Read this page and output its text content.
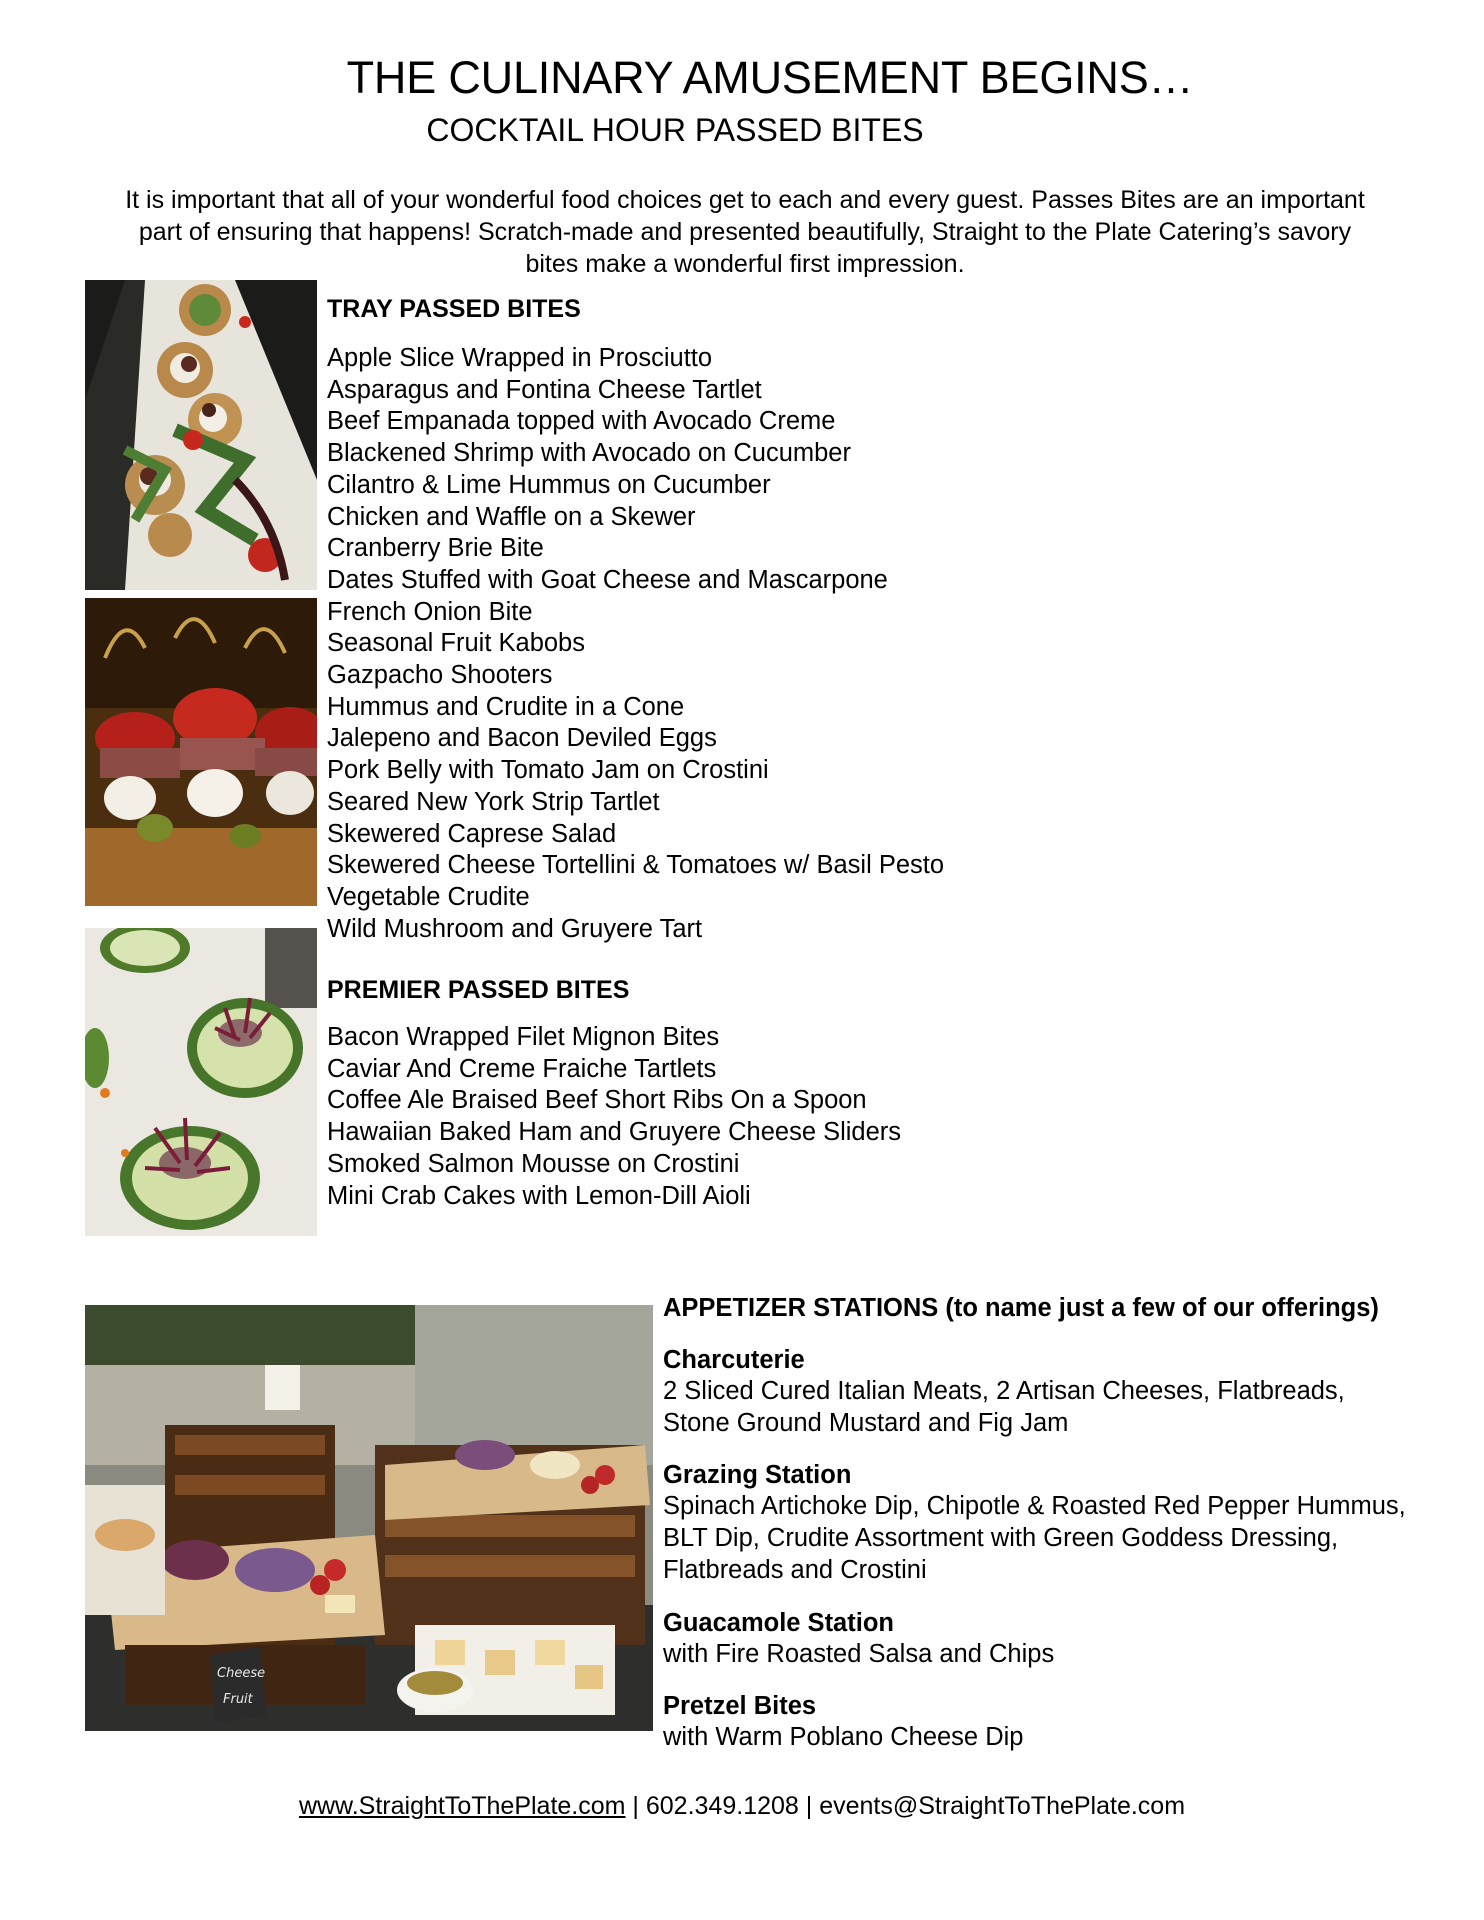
THE CULINARY AMUSEMENT BEGINS…
COCKTAIL HOUR PASSED BITES
It is important that all of your wonderful food choices get to each and every guest. Passes Bites are an important part of ensuring that happens! Scratch-made and presented beautifully, Straight to the Plate Catering’s savory bites make a wonderful first impression.
Cheese
Fruit
TRAY PASSED BITES
Apple Slice Wrapped in Prosciutto
Asparagus and Fontina Cheese Tartlet
Beef Empanada topped with Avocado Creme
Blackened Shrimp with Avocado on Cucumber
Cilantro & Lime Hummus on Cucumber
Chicken and Waffle on a Skewer
Cranberry Brie Bite
Dates Stuffed with Goat Cheese and Mascarpone
French Onion Bite
Seasonal Fruit Kabobs
Gazpacho Shooters
Hummus and Crudite in a Cone
Jalepeno and Bacon Deviled Eggs
Pork Belly with Tomato Jam on Crostini
Seared New York Strip Tartlet
Skewered Caprese Salad
Skewered Cheese Tortellini & Tomatoes w/ Basil Pesto
Vegetable Crudite
Wild Mushroom and Gruyere Tart
PREMIER PASSED BITES
Bacon Wrapped Filet Mignon Bites
Caviar And Creme Fraiche Tartlets
Coffee Ale Braised Beef Short Ribs On a Spoon
Hawaiian Baked Ham and Gruyere Cheese Sliders
Smoked Salmon Mousse on Crostini
Mini Crab Cakes with Lemon-Dill Aioli
APPETIZER STATIONS (to name just a few of our offerings)
Charcuterie
2 Sliced Cured Italian Meats, 2 Artisan Cheeses, Flatbreads,
Stone Ground Mustard and Fig Jam
Grazing Station
Spinach Artichoke Dip, Chipotle & Roasted Red Pepper Hummus,
BLT Dip, Crudite Assortment with Green Goddess Dressing,
Flatbreads and Crostini
Guacamole Station
with Fire Roasted Salsa and Chips
Pretzel Bites
with Warm Poblano Cheese Dip
www.StraightToThePlate.com | 602.349.1208 | events@StraightToThePlate.com
